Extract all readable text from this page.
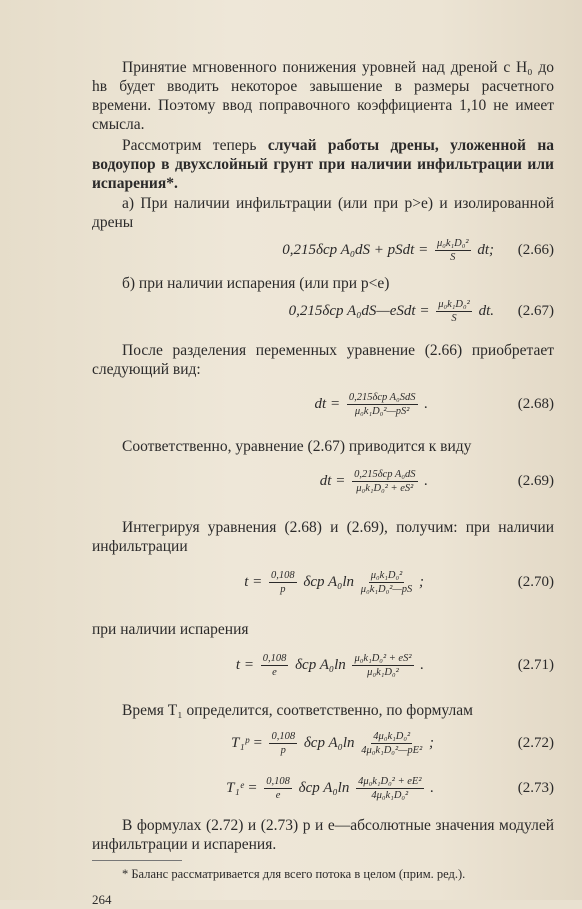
Принятие мгновенного понижения уровней над дреной с H₀ до hв будет вводить некоторое завышение в размеры расчетного времени. Поэтому ввод поправочного коэффициента 1,10 не имеет смысла.

Рассмотрим теперь случай работы дрены, уложенной на водоупор в двухслойный грунт при наличии инфильтрации или испарения*.

а) При наличии инфильтрации (или при p>e) и изолированной дрены

0,215δcp A₀dS + pSdt = $\frac{\text{μ₀k₁D₀²}}{S}$ dt;	(2.66)

б) при наличии испарения (или при p<e)

0,215δcp A₀dS—eSdt = $\frac{\text{μ₀k₁D₀²}}{S}$ dt.	(2.67)

После разделения переменных уравнение (2.66) приобретает следующий вид:

dt = $\frac{\text{0,215δcp A₀SdS}}{\text{μ₀k₁D₀²—pS²}}$ .	(2.68)

Соответственно, уравнение (2.67) приводится к виду

dt = $\frac{\text{0,215δcp A₀dS}}{\text{μ₀k₁D₀² + eS²}}$ .	(2.69)

Интегрируя уравнения (2.68) и (2.69), получим: при наличии инфильтрации

$t = \frac{0,108}{p}$ δcp $A_0\ln \frac{\text{μ₀k₁D₀²}}{\text{μ₀k₁D₀²—pS}}$ ;	(2.70)

при наличии испарения

$t = \frac{0,108}{e}$ δcp $A_0\ln \frac{\text{μ₀k₁D₀² + eS²}}{\text{μ₀k₁D₀²}}$ .	(2.71)

Время T₁ определится, соответственно, по формулам

T₁ᵖ = $\frac{0,108}{p}$ δcp $A_0\ln \frac{\text{4μ₀k₁D₀²}}{\text{4μ₀k₁D₀²—pE²}}$ ;	(2.72)
T₁ᵉ = $\frac{0,108}{e}$ δcp $A_0\ln \frac{\text{4μ₀k₁D₀² + eE²}}{\text{4μ₀k₁D₀²}}$ .	(2.73)

В формулах (2.72) и (2.73) p и e—абсолютные значения модулей инфильтрации и испарения.

* Баланс рассматривается для всего потока в целом (прим. ред.).

264
